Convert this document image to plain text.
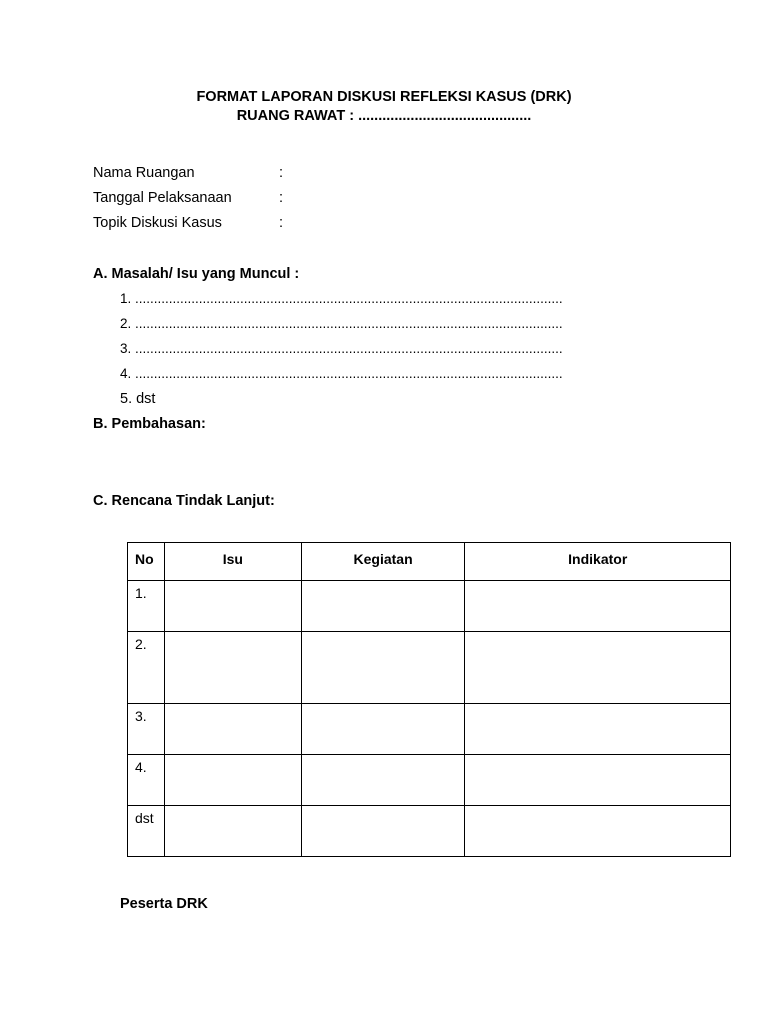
FORMAT LAPORAN DISKUSI REFLEKSI KASUS (DRK)
RUANG RAWAT : ...........................................
Nama Ruangan	:
Tanggal Pelaksanaan	:
Topik Diskusi Kasus	:
A. Masalah/ Isu yang Muncul :
1. ..................................................................................................................
2. ..................................................................................................................
3. ..................................................................................................................
4. ..................................................................................................................
5. dst
B. Pembahasan:
C. Rencana Tindak Lanjut:
No	Isu	Kegiatan	Indikator
1.			
2.			
3.			
4.			
dst			
Peserta DRK
